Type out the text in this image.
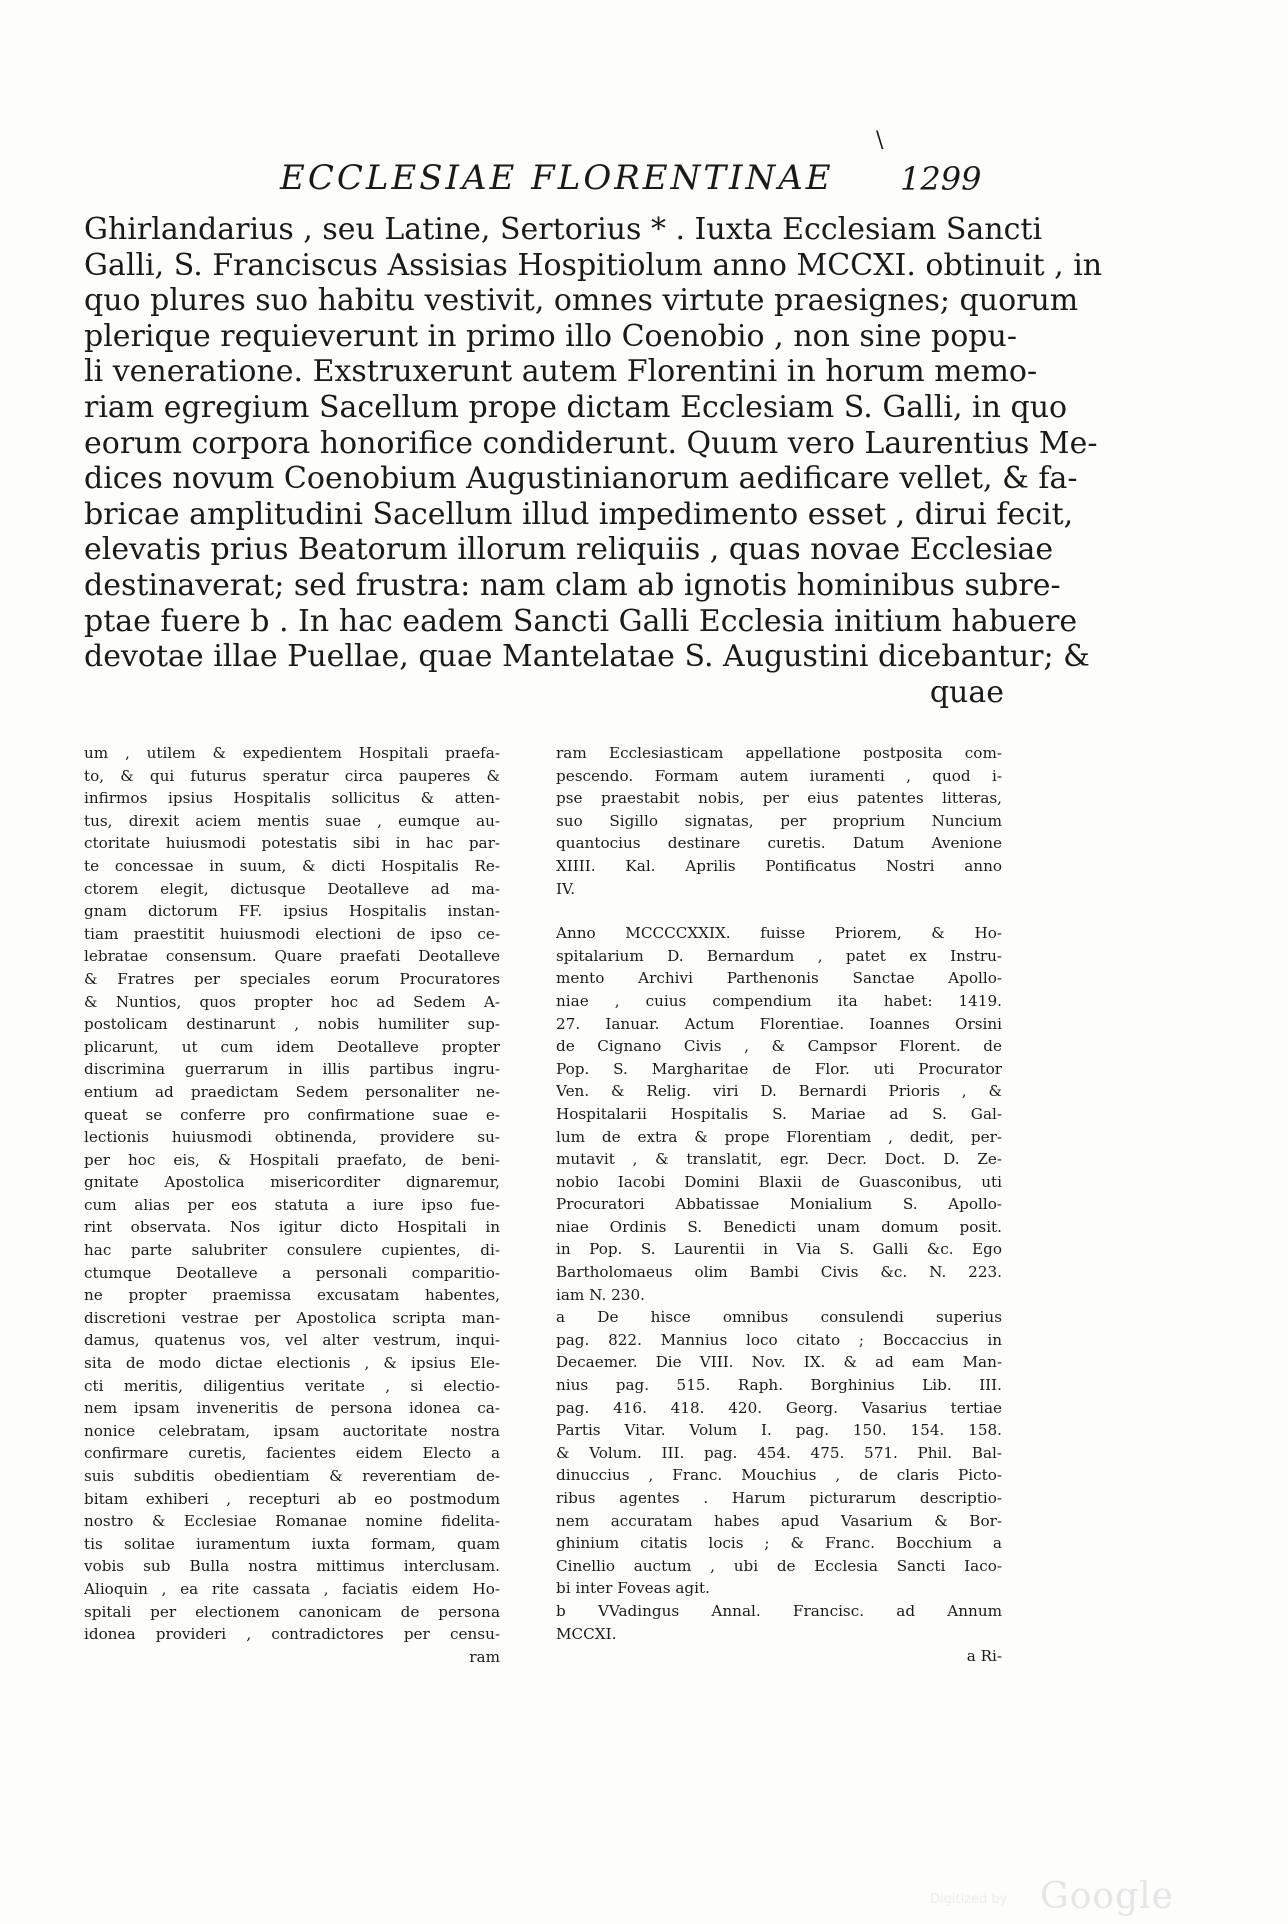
\
ECCLESIAE FLORENTINAE 1299
Ghirlandarius , seu Latine, Sertorius * . Iuxta Ecclesiam Sancti
Galli, S. Franciscus Assisias Hospitiolum anno MCCXI. obtinuit , in
quo plures suo habitu vestivit, omnes virtute praesignes; quorum
plerique requieverunt in primo illo Coenobio , non sine popu-
li veneratione. Exstruxerunt autem Florentini in horum memo-
riam egregium Sacellum prope dictam Ecclesiam S. Galli, in quo
eorum corpora honorifice condiderunt. Quum vero Laurentius Me-
dices novum Coenobium Augustinianorum aedificare vellet, & fa-
bricae amplitudini Sacellum illud impedimento esset , dirui fecit,
elevatis prius Beatorum illorum reliquiis , quas novae Ecclesiae
destinaverat; sed frustra: nam clam ab ignotis hominibus subre-
ptae fuere b . In hac eadem Sancti Galli Ecclesia initium habuere
devotae illae Puellae, quae Mantelatae S. Augustini dicebantur; &
quae
um , utilem & expedientem Hospitali praefa-
to, & qui futurus speratur circa pauperes &
infirmos ipsius Hospitalis sollicitus & atten-
tus, direxit aciem mentis suae , eumque au-
ctoritate huiusmodi potestatis sibi in hac par-
te concessae in suum, & dicti Hospitalis Re-
ctorem elegit, dictusque Deotalleve ad ma-
gnam dictorum FF. ipsius Hospitalis instan-
tiam praestitit huiusmodi electioni de ipso ce-
lebratae consensum. Quare praefati Deotalleve
& Fratres per speciales eorum Procuratores
& Nuntios, quos propter hoc ad Sedem A-
postolicam destinarunt , nobis humiliter sup-
plicarunt, ut cum idem Deotalleve propter
discrimina guerrarum in illis partibus ingru-
entium ad praedictam Sedem personaliter ne-
queat se conferre pro confirmatione suae e-
lectionis huiusmodi obtinenda, providere su-
per hoc eis, & Hospitali praefato, de beni-
gnitate Apostolica misericorditer dignaremur,
cum alias per eos statuta a iure ipso fue-
rint observata. Nos igitur dicto Hospitali in
hac parte salubriter consulere cupientes, di-
ctumque Deotalleve a personali comparitio-
ne propter praemissa excusatam habentes,
discretioni vestrae per Apostolica scripta man-
damus, quatenus vos, vel alter vestrum, inqui-
sita de modo dictae electionis , & ipsius Ele-
cti meritis, diligentius veritate , si electio-
nem ipsam inveneritis de persona idonea ca-
nonice celebratam, ipsam auctoritate nostra
confirmare curetis, facientes eidem Electo a
suis subditis obedientiam & reverentiam de-
bitam exhiberi , recepturi ab eo postmodum
nostro & Ecclesiae Romanae nomine fidelita-
tis solitae iuramentum iuxta formam, quam
vobis sub Bulla nostra mittimus interclusam.
Alioquin , ea rite cassata , faciatis eidem Ho-
spitali per electionem canonicam de persona
idonea provideri , contradictores per censu-
ram
ram Ecclesiasticam appellatione postposita com-
pescendo. Formam autem iuramenti , quod i-
pse praestabit nobis, per eius patentes litteras,
suo Sigillo signatas, per proprium Nuncium
quantocius destinare curetis. Datum Avenione
XIIII. Kal. Aprilis Pontificatus Nostri anno
IV.
Anno MCCCCXXIX. fuisse Priorem, & Ho-
spitalarium D. Bernardum , patet ex Instru-
mento Archivi Parthenonis Sanctae Apollo-
niae , cuius compendium ita habet: 1419.
27. Ianuar. Actum Florentiae. Ioannes Orsini
de Cignano Civis , & Campsor Florent. de
Pop. S. Margharitae de Flor. uti Procurator
Ven. & Relig. viri D. Bernardi Prioris , &
Hospitalarii Hospitalis S. Mariae ad S. Gal-
lum de extra & prope Florentiam , dedit, per-
mutavit , & translatit, egr. Decr. Doct. D. Ze-
nobio Iacobi Domini Blaxii de Guasconibus, uti
Procuratori Abbatissae Monialium S. Apollo-
niae Ordinis S. Benedicti unam domum posit.
in Pop. S. Laurentii in Via S. Galli &c. Ego
Bartholomaeus olim Bambi Civis &c. N. 223.
iam N. 230.
a De hisce omnibus consulendi superius
pag. 822. Mannius loco citato ; Boccaccius in
Decaemer. Die VIII. Nov. IX. & ad eam Man-
nius pag. 515. Raph. Borghinius Lib. III.
pag. 416. 418. 420. Georg. Vasarius tertiae
Partis Vitar. Volum I. pag. 150. 154. 158.
& Volum. III. pag. 454. 475. 571. Phil. Bal-
dinuccius , Franc. Mouchius , de claris Picto-
ribus agentes . Harum picturarum descriptio-
nem accuratam habes apud Vasarium & Bor-
ghinium citatis locis ; & Franc. Bocchium a
Cinellio auctum , ubi de Ecclesia Sancti Iaco-
bi inter Foveas agit.
b VVadingus Annal. Francisc. ad Annum
MCCXI.
a Ri-
Digitized by Google
